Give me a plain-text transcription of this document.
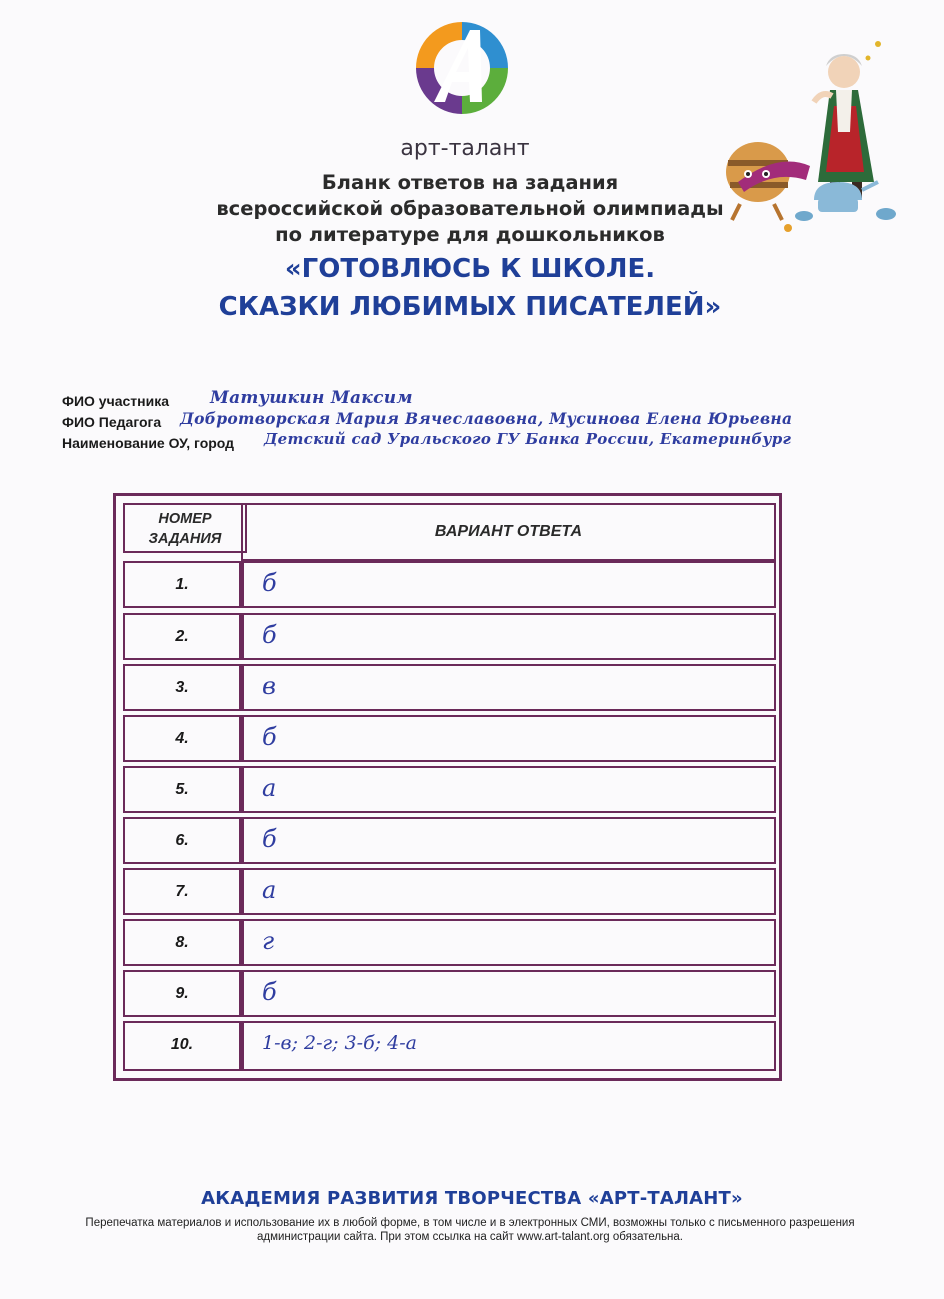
арт-талант
Бланк ответов на задания
всероссийской образовательной олимпиады
по литературе для дошкольников
«ГОТОВЛЮСЬ К ШКОЛЕ.
СКАЗКИ ЛЮБИМЫХ ПИСАТЕЛЕЙ»
ФИО участника Матушкин Максим
ФИО Педагога Добротворская Мария Вячеславовна, Мусинова Елена Юрьевна
Наименование ОУ, город Детский сад Уральского ГУ Банка России, Екатеринбург
НОМЕР ЗАДАНИЯ	ВАРИАНТ ОТВЕТА
1.	б
2.	б
3.	в
4.	б
5.	а
6.	б
7.	а
8.	г
9.	б
10.	1-в; 2-г; 3-б; 4-а
АКАДЕМИЯ РАЗВИТИЯ ТВОРЧЕСТВА «АРТ-ТАЛАНТ»
Перепечатка материалов и использование их в любой форме, в том числе и в электронных СМИ, возможны только с письменного разрешения администрации сайта. При этом ссылка на сайт www.art-talant.org обязательна.
